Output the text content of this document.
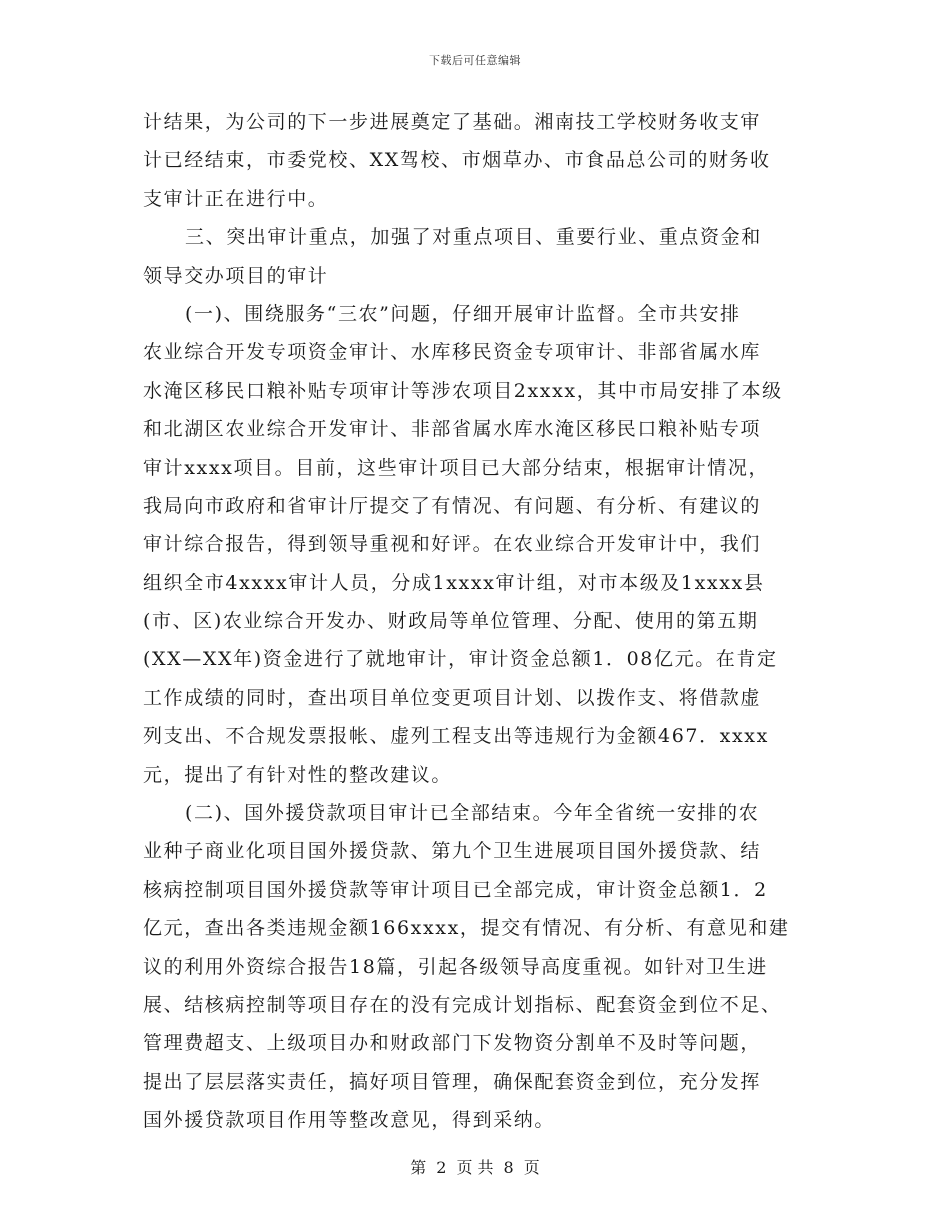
下载后可任意编辑
计结果，为公司的下一步进展奠定了基础。湘南技工学校财务收支审
计已经结束，市委党校、XX驾校、市烟草办、市食品总公司的财务收
支审计正在进行中。
三、突出审计重点，加强了对重点项目、重要行业、重点资金和
领导交办项目的审计
(一)、围绕服务“三农”问题，仔细开展审计监督。全市共安排
农业综合开发专项资金审计、水库移民资金专项审计、非部省属水库
水淹区移民口粮补贴专项审计等涉农项目2xxxx，其中市局安排了本级
和北湖区农业综合开发审计、非部省属水库水淹区移民口粮补贴专项
审计xxxx项目。目前，这些审计项目已大部分结束，根据审计情况，
我局向市政府和省审计厅提交了有情况、有问题、有分析、有建议的
审计综合报告，得到领导重视和好评。在农业综合开发审计中，我们
组织全市4xxxx审计人员，分成1xxxx审计组，对市本级及1xxxx县
(市、区)农业综合开发办、财政局等单位管理、分配、使用的第五期
(XX—XX年)资金进行了就地审计，审计资金总额1．08亿元。在肯定
工作成绩的同时，查出项目单位变更项目计划、以拨作支、将借款虚
列支出、不合规发票报帐、虚列工程支出等违规行为金额467．xxxx
元，提出了有针对性的整改建议。
(二)、国外援贷款项目审计已全部结束。今年全省统一安排的农
业种子商业化项目国外援贷款、第九个卫生进展项目国外援贷款、结
核病控制项目国外援贷款等审计项目已全部完成，审计资金总额1．2
亿元，查出各类违规金额166xxxx，提交有情况、有分析、有意见和建
议的利用外资综合报告18篇，引起各级领导高度重视。如针对卫生进
展、结核病控制等项目存在的没有完成计划指标、配套资金到位不足、
管理费超支、上级项目办和财政部门下发物资分割单不及时等问题，
提出了层层落实责任，搞好项目管理，确保配套资金到位，充分发挥
国外援贷款项目作用等整改意见，得到采纳。
第 2 页 共 8 页
